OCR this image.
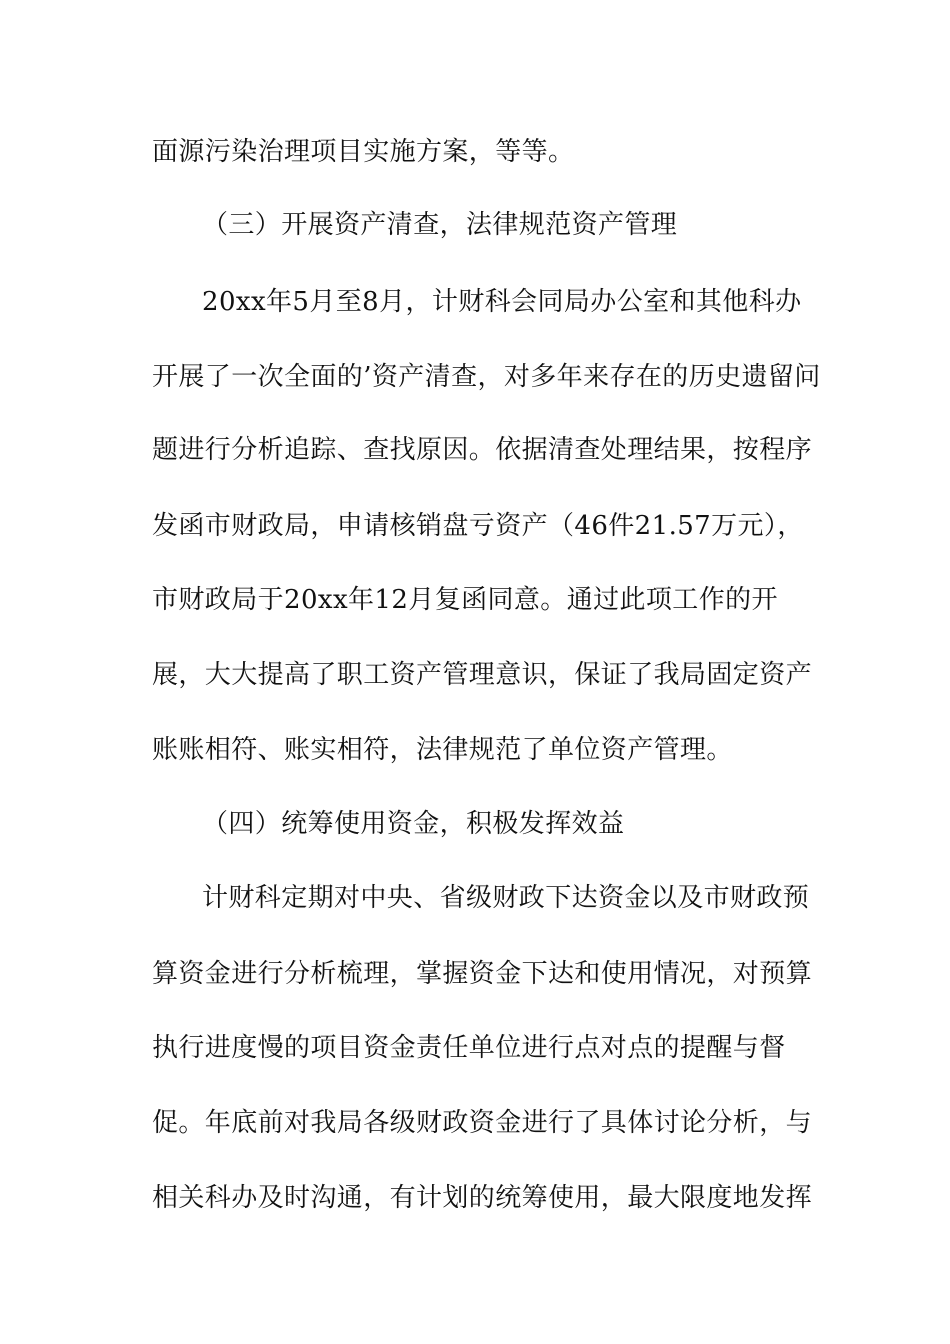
面源污染治理项目实施方案，等等。
（三）开展资产清查，法律规范资产管理
20xx年5月至8月，计财科会同局办公室和其他科办
开展了一次全面的’资产清查，对多年来存在的历史遗留问
题进行分析追踪、查找原因。依据清查处理结果，按程序
发函市财政局，申请核销盘亏资产（46件21.57万元），
市财政局于20xx年12月复函同意。通过此项工作的开
展，大大提高了职工资产管理意识，保证了我局固定资产
账账相符、账实相符，法律规范了单位资产管理。
（四）统筹使用资金，积极发挥效益
计财科定期对中央、省级财政下达资金以及市财政预
算资金进行分析梳理，掌握资金下达和使用情况，对预算
执行进度慢的项目资金责任单位进行点对点的提醒与督
促。年底前对我局各级财政资金进行了具体讨论分析，与
相关科办及时沟通，有计划的统筹使用，最大限度地发挥
